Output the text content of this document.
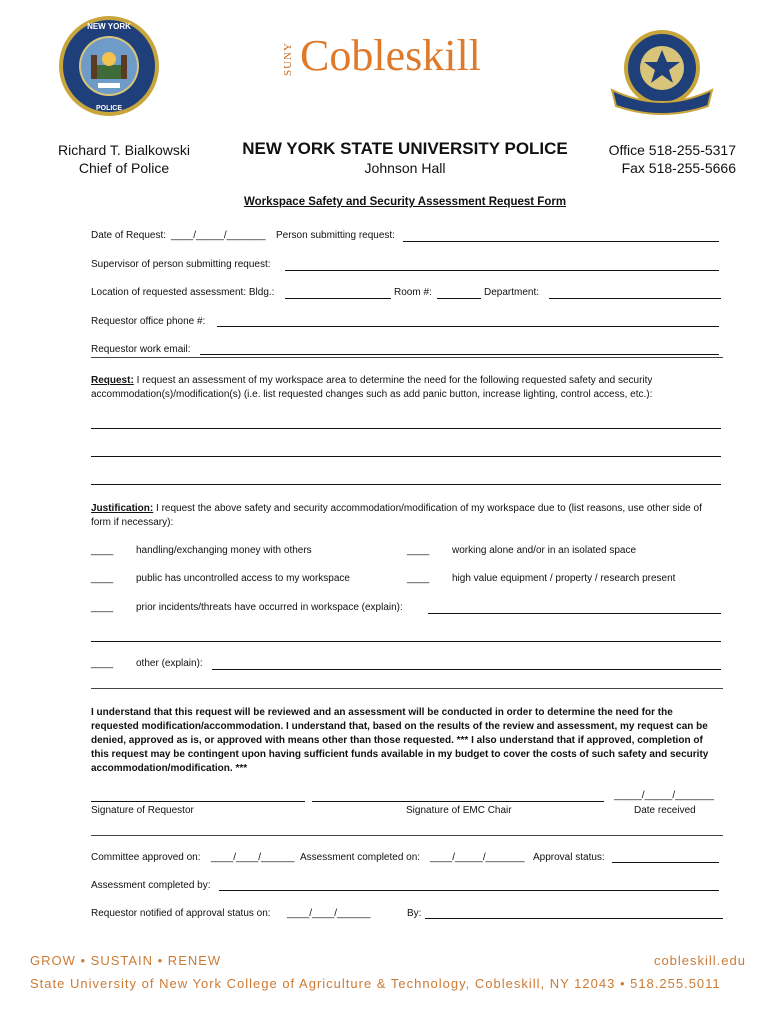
NEW YORK
POLICE
SUNY Cobleskill
Richard T. Bialkowski
Chief of Police
NEW YORK STATE UNIVERSITY POLICE
Johnson Hall
Office 518-255-5317
Fax 518-255-5666
Workspace Safety and Security Assessment Request Form
Date of Request: ____/_____/_______ Person submitting request:
Supervisor of person submitting request:
Location of requested assessment: Bldg.:	Room #:	Department:
Requestor office phone #:
Requestor work email:
Request: I request an assessment of my workspace area to determine the need for the following requested safety and security accommodation(s)/modification(s) (i.e. list requested changes such as add panic button, increase lighting, control access, etc.):
Justification: I request the above safety and security accommodation/modification of my workspace due to (list reasons, use other side of form if necessary):
____ handling/exchanging money with others	____ working alone and/or in an isolated space
____ public has uncontrolled access to my workspace	____ high value equipment / property / research present
____ prior incidents/threats have occurred in workspace (explain):
____ other (explain):
I understand that this request will be reviewed and an assessment will be conducted in order to determine the need for the requested modification/accommodation. I understand that, based on the results of the review and assessment, my request can be denied, approved as is, or approved with means other than those requested. *** I also understand that if approved, completion of this request may be contingent upon having sufficient funds available in my budget to cover the costs of such safety and security accommodation/modification. ***
_____/_____/_______
Signature of Requestor	Signature of EMC Chair	Date received
Committee approved on: ____/____/______ Assessment completed on: ____/_____/_______ Approval status:
Assessment completed by:
Requestor notified of approval status on: ____/____/______	By:
GROW • SUSTAIN • RENEW	cobleskill.edu
State University of New York College of Agriculture & Technology, Cobleskill, NY 12043 • 518.255.5011
